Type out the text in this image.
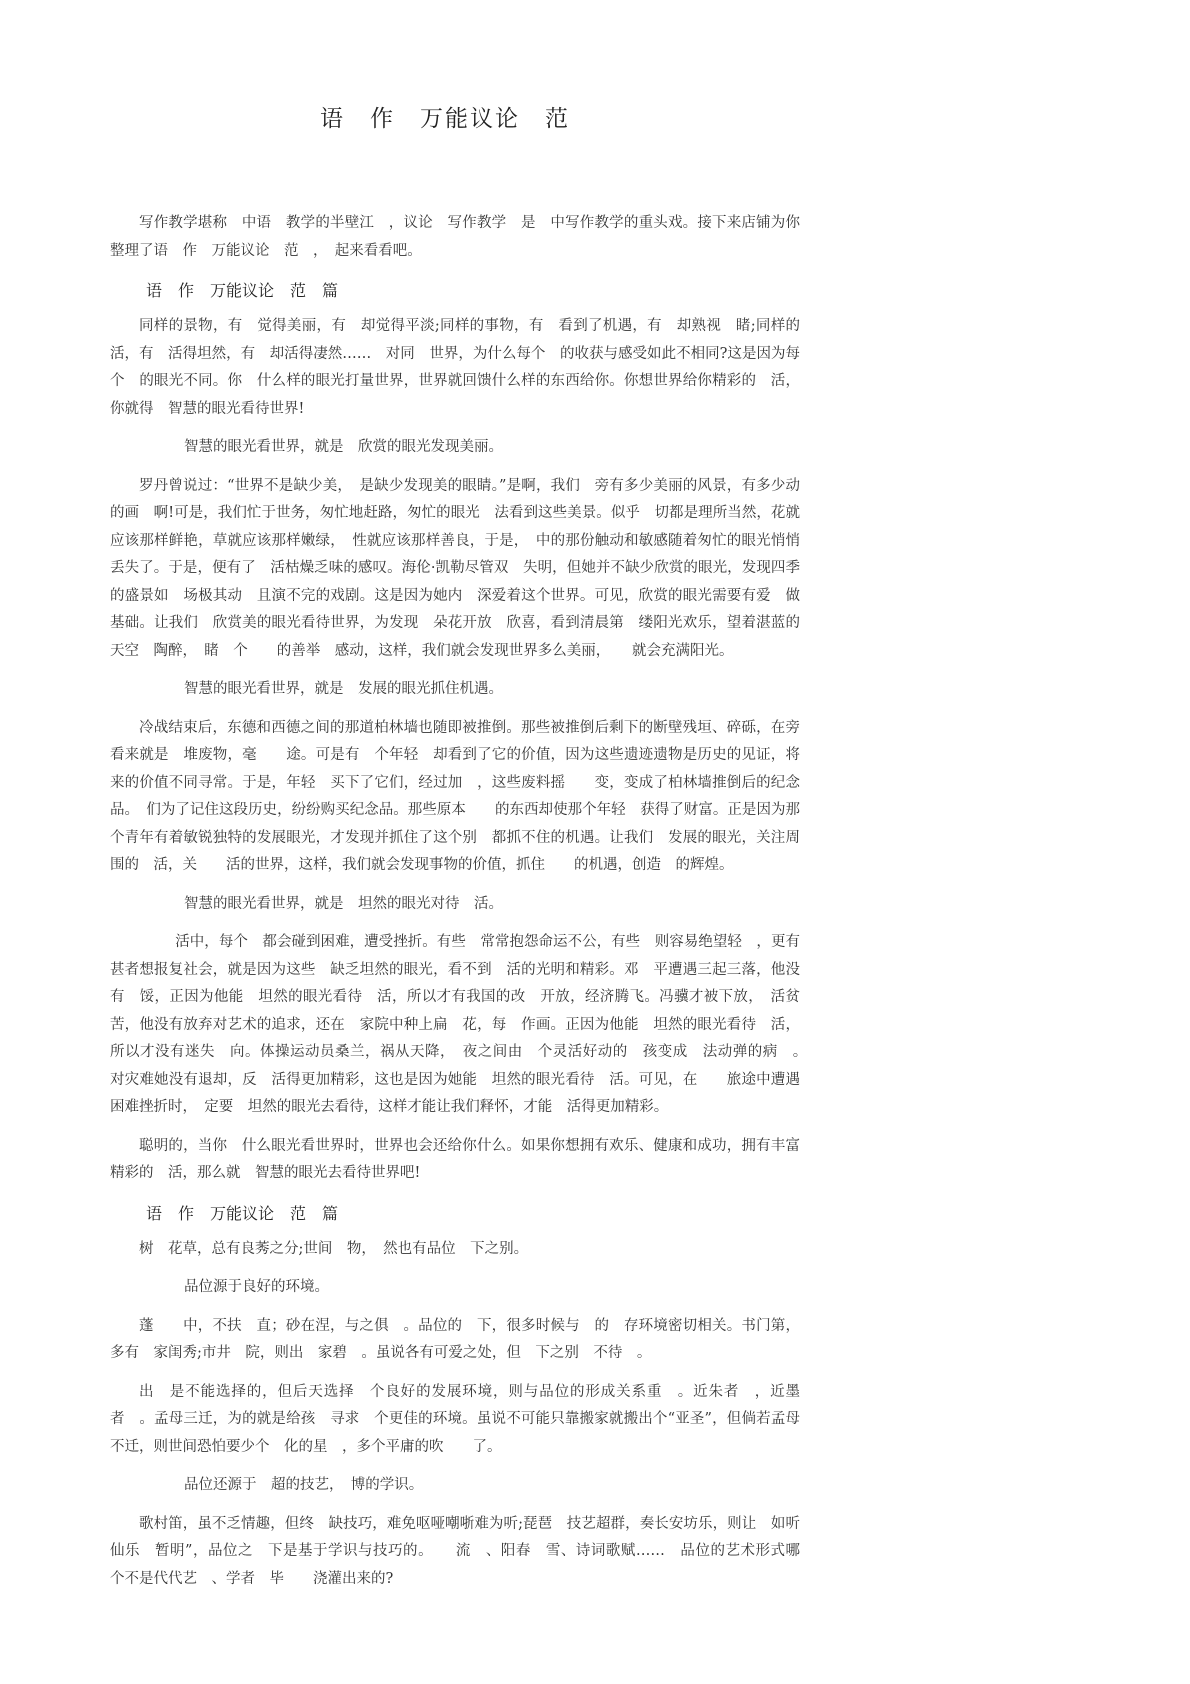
语　作　万能议论　范

写作教学堪称　中语　教学的半壁江　，议论　写作教学　是　中写作教学的重头戏。接下来店铺为你整理了语　作　万能议论　范　，　起来看看吧。

语　作　万能议论　范　篇

同样的景物，有　觉得美丽，有　却觉得平淡;同样的事物，有　看到了机遇，有　却熟视　睹;同样的　活，有　活得坦然，有　却活得凄然……　对同　世界，为什么每个　的收获与感受如此不相同?这是因为每个　的眼光不同。你　什么样的眼光打量世界，世界就回馈什么样的东西给你。你想世界给你精彩的　活，你就得　智慧的眼光看待世界!

智慧的眼光看世界，就是　欣赏的眼光发现美丽。

罗丹曾说过：“世界不是缺少美，　是缺少发现美的眼睛。”是啊，我们　旁有多少美丽的风景，有多少动　的画　啊!可是，我们忙于世务，匆忙地赶路，匆忙的眼光　法看到这些美景。似乎　切都是理所当然，花就应该那样鲜艳，草就应该那样嫩绿，　性就应该那样善良，于是，　中的那份触动和敏感随着匆忙的眼光悄悄丢失了。于是，便有了　活枯燥乏味的感叹。海伦·凯勒尽管双　失明，但她并不缺少欣赏的眼光，发现四季的盛景如　场极其动　且演不完的戏剧。这是因为她内　深爱着这个世界。可见，欣赏的眼光需要有爱　做基础。让我们　欣赏美的眼光看待世界，为发现　朵花开放　欣喜，看到清晨第　缕阳光欢乐，望着湛蓝的天空　陶醉，　睹　个　　的善举　感动，这样，我们就会发现世界多么美丽，　　就会充满阳光。

智慧的眼光看世界，就是　发展的眼光抓住机遇。

冷战结束后，东德和西德之间的那道柏林墙也随即被推倒。那些被推倒后剩下的断壁残垣、碎砾，在旁　看来就是　堆废物，毫　　途。可是有　个年轻　却看到了它的价值，因为这些遗迹遗物是历史的见证，将来的价值不同寻常。于是，年轻　买下了它们，经过加　，这些废料摇　　变，变成了柏林墙推倒后的纪念品。　们为了记住这段历史，纷纷购买纪念品。那些原本　　的东西却使那个年轻　获得了财富。正是因为那个青年有着敏锐独特的发展眼光，才发现并抓住了这个别　都抓不住的机遇。让我们　发展的眼光，关注周围的　活，关　　活的世界，这样，我们就会发现事物的价值，抓住　　的机遇，创造　的辉煌。

智慧的眼光看世界，就是　坦然的眼光对待　活。

活中，每个　都会碰到困难，遭受挫折。有些　常常抱怨命运不公，有些　则容易绝望轻　，更有甚者想报复社会，就是因为这些　缺乏坦然的眼光，看不到　活的光明和精彩。邓　平遭遇三起三落，他没有　馁，正因为他能　坦然的眼光看待　活，所以才有我国的改　开放，经济腾飞。冯骥才被下放，　活贫苦，他没有放弃对艺术的追求，还在　家院中种上扁　花，每　作画。正因为他能　坦然的眼光看待　活，所以才没有迷失　向。体操运动员桑兰，祸从天降，　夜之间由　个灵活好动的　孩变成　法动弹的病　。　对灾难她没有退却，反　活得更加精彩，这也是因为她能　坦然的眼光看待　活。可见，在　　旅途中遭遇困难挫折时，　定要　坦然的眼光去看待，这样才能让我们释怀，才能　活得更加精彩。

聪明的，当你　什么眼光看世界时，世界也会还给你什么。如果你想拥有欢乐、健康和成功，拥有丰富精彩的　活，那么就　智慧的眼光去看待世界吧!

语　作　万能议论　范　篇

树　花草，总有良莠之分;世间　物，　然也有品位　下之别。

品位源于良好的环境。

蓬　　中，不扶　直；砂在涅，与之俱　。品位的　下，很多时候与　的　存环境密切相关。书门第，多有　家闺秀;市井　院，则出　家碧　。虽说各有可爱之处，但　下之别　不待　。

出　是不能选择的，但后天选择　个良好的发展环境，则与品位的形成关系重　。近朱者　，近墨者　。孟母三迁，为的就是给孩　寻求　个更佳的环境。虽说不可能只靠搬家就搬出个“亚圣”，但倘若孟母不迁，则世间恐怕要少个　化的星　，多个平庸的吹　　了。

品位还源于　超的技艺，　博的学识。

歌村笛，虽不乏情趣，但终　缺技巧，难免呕哑嘲哳难为听;琵琶　技艺超群，奏长安坊乐，则让　如听仙乐　暂明”，品位之　下是基于学识与技巧的。　　流　、阳春　雪、诗词歌赋……　品位的艺术形式哪　个不是代代艺　、学者　毕　　浇灌出来的?
